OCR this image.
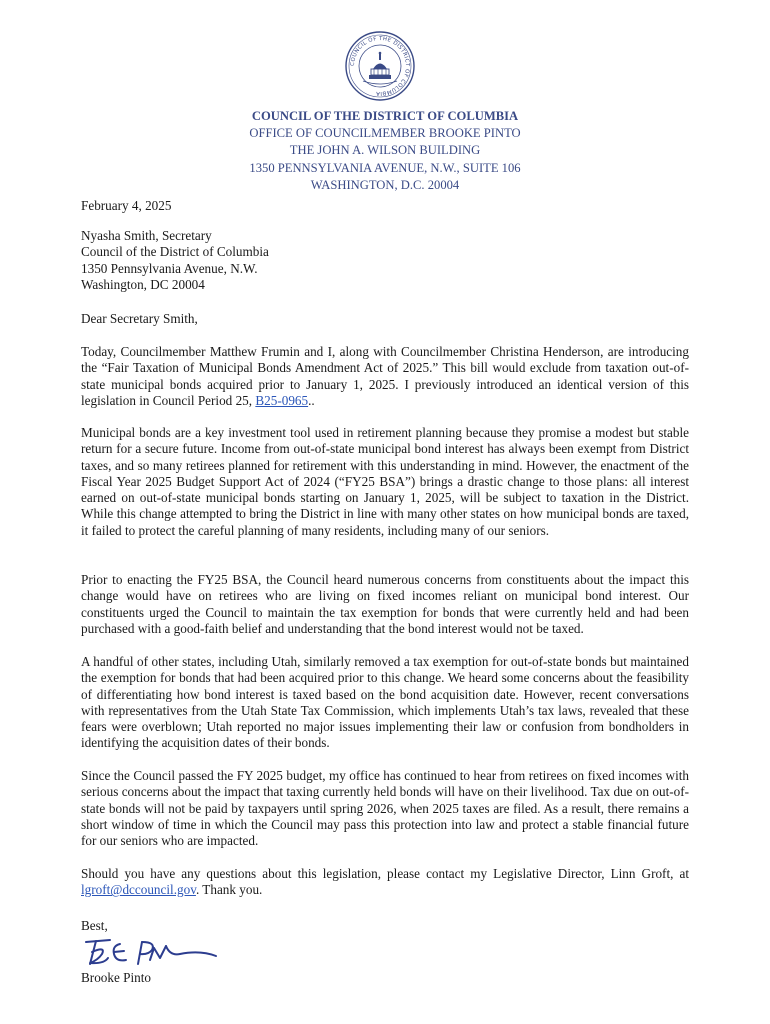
COUNCIL OF THE DISTRICT OF COLUMBIA
COUNCIL OF THE DISTRICT OF COLUMBIA
OFFICE OF COUNCILMEMBER BROOKE PINTO
THE JOHN A. WILSON BUILDING
1350 PENNSYLVANIA AVENUE, N.W., SUITE 106
WASHINGTON, D.C. 20004
February 4, 2025
Nyasha Smith, Secretary
Council of the District of Columbia
1350 Pennsylvania Avenue, N.W.
Washington, DC 20004
Dear Secretary Smith,
Today, Councilmember Matthew Frumin and I, along with Councilmember Christina Henderson, are introducing the “Fair Taxation of Municipal Bonds Amendment Act of 2025.” This bill would exclude from taxation out-of-state municipal bonds acquired prior to January 1, 2025. I previously introduced an identical version of this legislation in Council Period 25, B25-0965..
Municipal bonds are a key investment tool used in retirement planning because they promise a modest but stable return for a secure future. Income from out-of-state municipal bond interest has always been exempt from District taxes, and so many retirees planned for retirement with this understanding in mind. However, the enactment of the Fiscal Year 2025 Budget Support Act of 2024 (“FY25 BSA”) brings a drastic change to those plans: all interest earned on out-of-state municipal bonds starting on January 1, 2025, will be subject to taxation in the District. While this change attempted to bring the District in line with many other states on how municipal bonds are taxed, it failed to protect the careful planning of many residents, including many of our seniors.
Prior to enacting the FY25 BSA, the Council heard numerous concerns from constituents about the impact this change would have on retirees who are living on fixed incomes reliant on municipal bond interest. Our constituents urged the Council to maintain the tax exemption for bonds that were currently held and had been purchased with a good-faith belief and understanding that the bond interest would not be taxed.
A handful of other states, including Utah, similarly removed a tax exemption for out-of-state bonds but maintained the exemption for bonds that had been acquired prior to this change. We heard some concerns about the feasibility of differentiating how bond interest is taxed based on the bond acquisition date. However, recent conversations with representatives from the Utah State Tax Commission, which implements Utah’s tax laws, revealed that these fears were overblown; Utah reported no major issues implementing their law or confusion from bondholders in identifying the acquisition dates of their bonds.
Since the Council passed the FY 2025 budget, my office has continued to hear from retirees on fixed incomes with serious concerns about the impact that taxing currently held bonds will have on their livelihood. Tax due on out-of-state bonds will not be paid by taxpayers until spring 2026, when 2025 taxes are filed. As a result, there remains a short window of time in which the Council may pass this protection into law and protect a stable financial future for our seniors who are impacted.
Should you have any questions about this legislation, please contact my Legislative Director, Linn Groft, at lgroft@dccouncil.gov. Thank you.
Best,
Brooke Pinto
